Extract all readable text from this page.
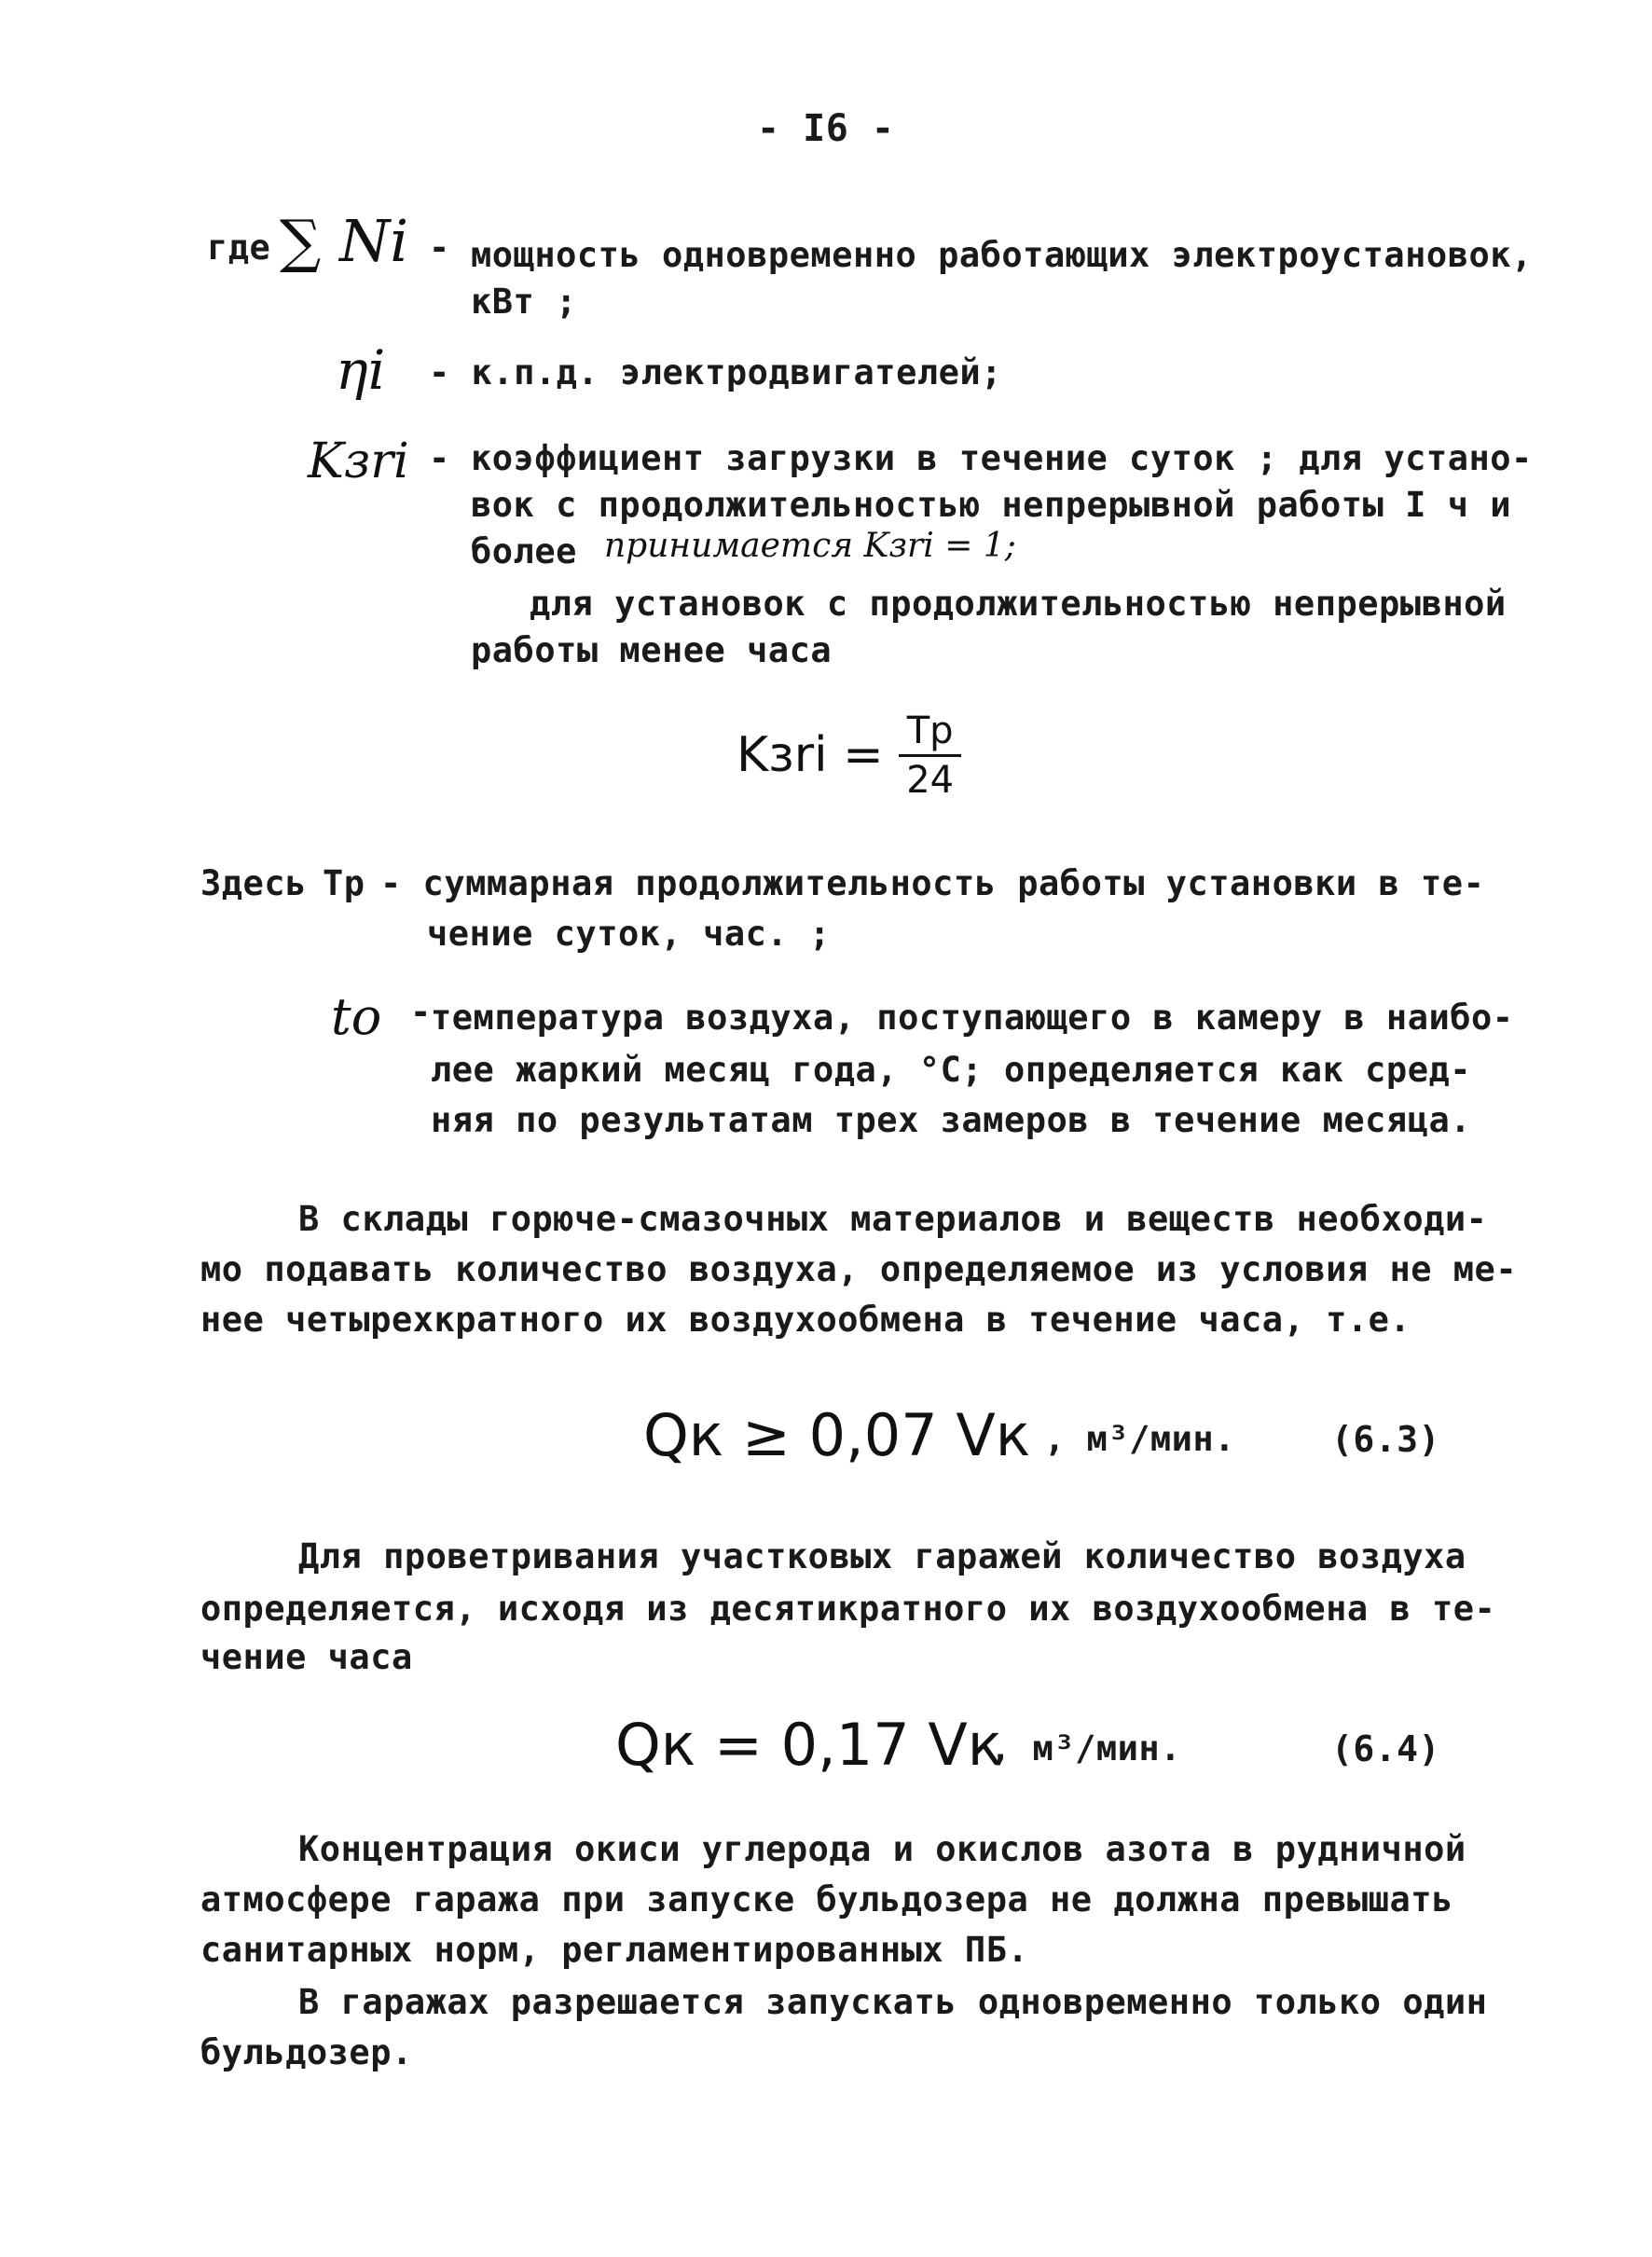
- I6 -
где ∑ Ni - мощность одновременно работающих электроустановок,
кВт ;
ηi - к.п.д. электродвигателей;
Kзri - коэффициент загрузки в течение суток ; для устано-
вок с продолжительностью непрерывной работы I ч и
более принимается Kзri = 1;
для установок с продолжительностью непрерывной
работы менее часа
Kзri = $\frac{Tp}{24}$
Здесь Tp - суммарная продолжительность работы установки в те-
чение суток, час. ;
to - температура воздуха, поступающего в камеру в наибо-
лее жаркий месяц года, °С; определяется как сред-
няя по результатам трех замеров в течение месяца.
В склады горюче-смазочных материалов и веществ необходи-
мо подавать количество воздуха, определяемое из условия не ме-
нее четырехкратного их воздухообмена в течение часа, т.е.
Qк ≥ 0,07 Vк , м³/мин.	(6.3)
Для проветривания участковых гаражей количество воздуха
определяется, исходя из десятикратного их воздухообмена в те-
чение часа
Qк = 0,17 Vк
, м³/мин.	(6.4)
Концентрация окиси углерода и окислов азота в рудничной
атмосфере гаража при запуске бульдозера не должна превышать
санитарных норм, регламентированных ПБ.
В гаражах разрешается запускать одновременно только один
бульдозер.
